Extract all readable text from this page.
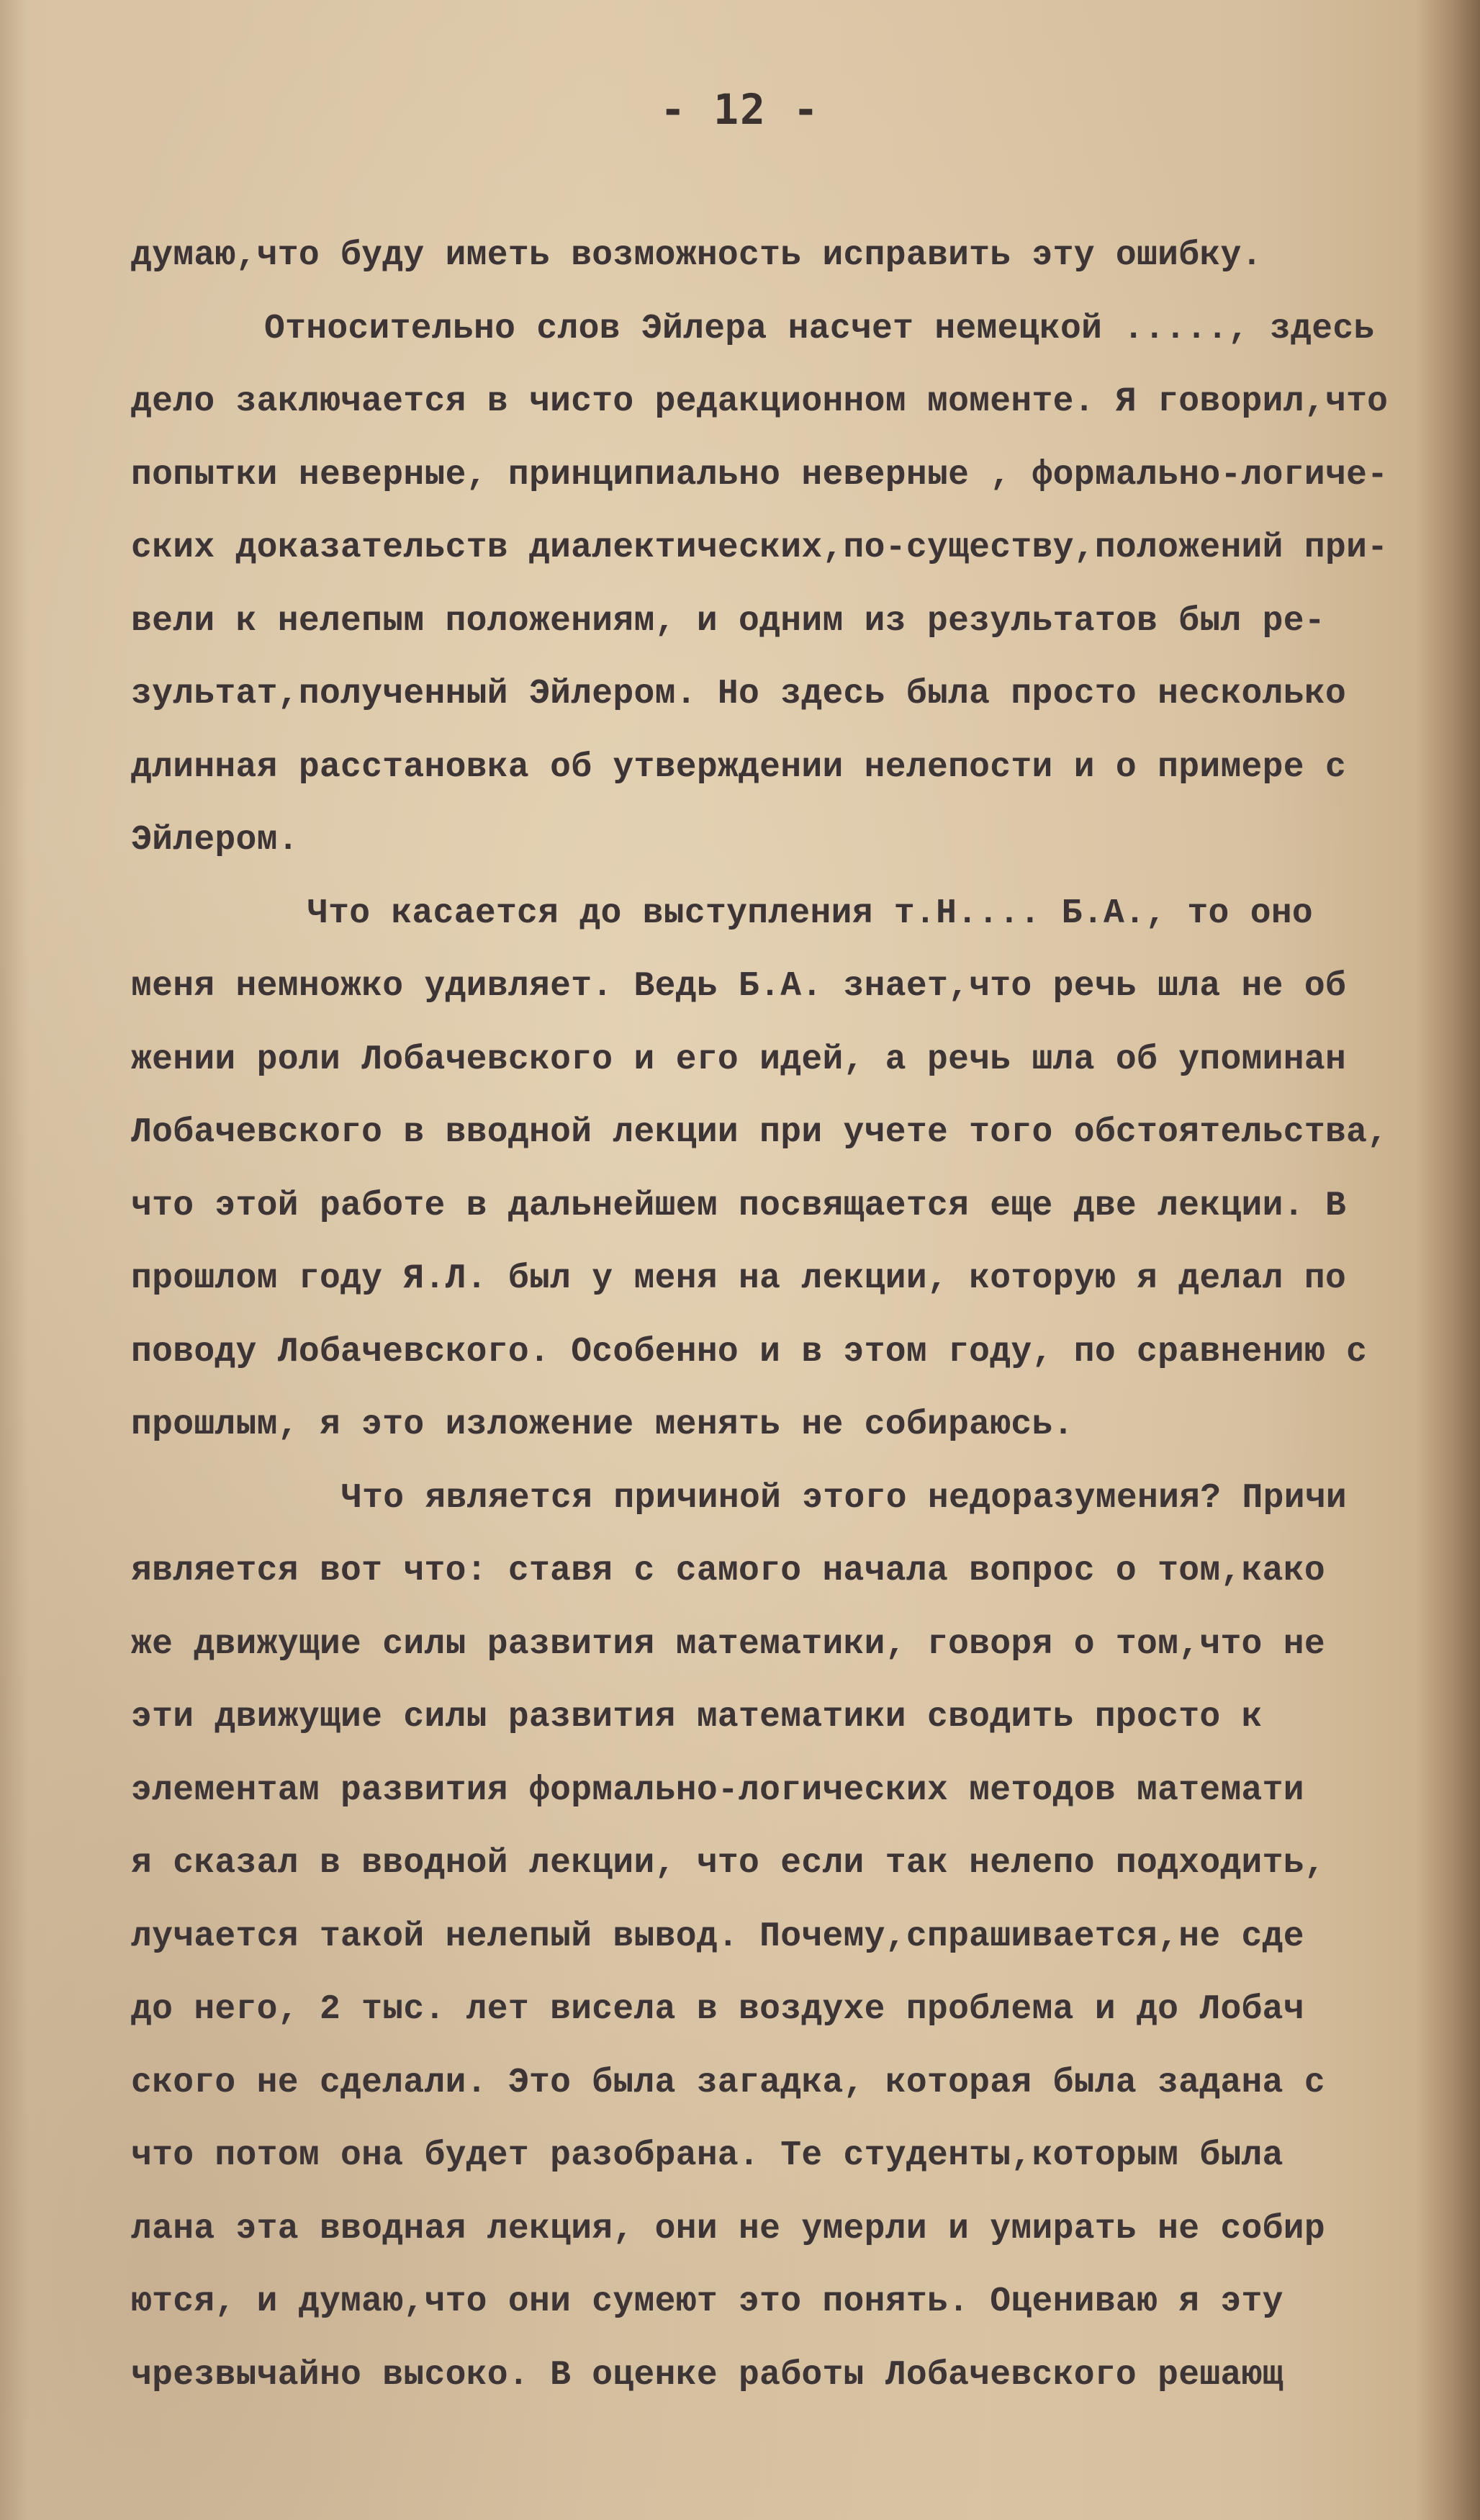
- 12 -
думаю,что буду иметь возможность исправить эту ошибку.
Относительно слов Эйлера насчет немецкой ....., здесь
дело заключается в чисто редакционном моменте. Я говорил,что
попытки неверные, принципиально неверные , формально-логиче-
ских доказательств диалектических,по-существу,положений при-
вели к нелепым положениям, и одним из результатов был ре-
зультат,полученный Эйлером. Но здесь была просто несколько
длинная расстановка об утверждении нелепости и о примере с
Эйлером.
Что касается до выступления т.Н.... Б.А., то оно
меня немножко удивляет. Ведь Б.А. знает,что речь шла не об
жении роли Лобачевского и его идей, а речь шла об упоминан
Лобачевского в вводной лекции при учете того обстоятельства,
что этой работе в дальнейшем посвящается еще две лекции. В
прошлом году Я.Л. был у меня на лекции, которую я делал по
поводу Лобачевского. Особенно и в этом году, по сравнению с
прошлым, я это изложение менять не собираюсь.
Что является причиной этого недоразумения? Причи
является вот что: ставя с самого начала вопрос о том,како
же движущие силы развития математики, говоря о том,что не
эти движущие силы развития математики сводить просто к
элементам развития формально-логических методов математи
я сказал в вводной лекции, что если так нелепо подходить,
лучается такой нелепый вывод. Почему,спрашивается,не сде
до него, 2 тыс. лет висела в воздухе проблема и до Лобач
ского не сделали. Это была загадка, которая была задана с
что потом она будет разобрана. Те студенты,которым была
лана эта вводная лекция, они не умерли и умирать не собир
ются, и думаю,что они сумеют это понять. Оцениваю я эту
чрезвычайно высоко. В оценке работы Лобачевского решающ
